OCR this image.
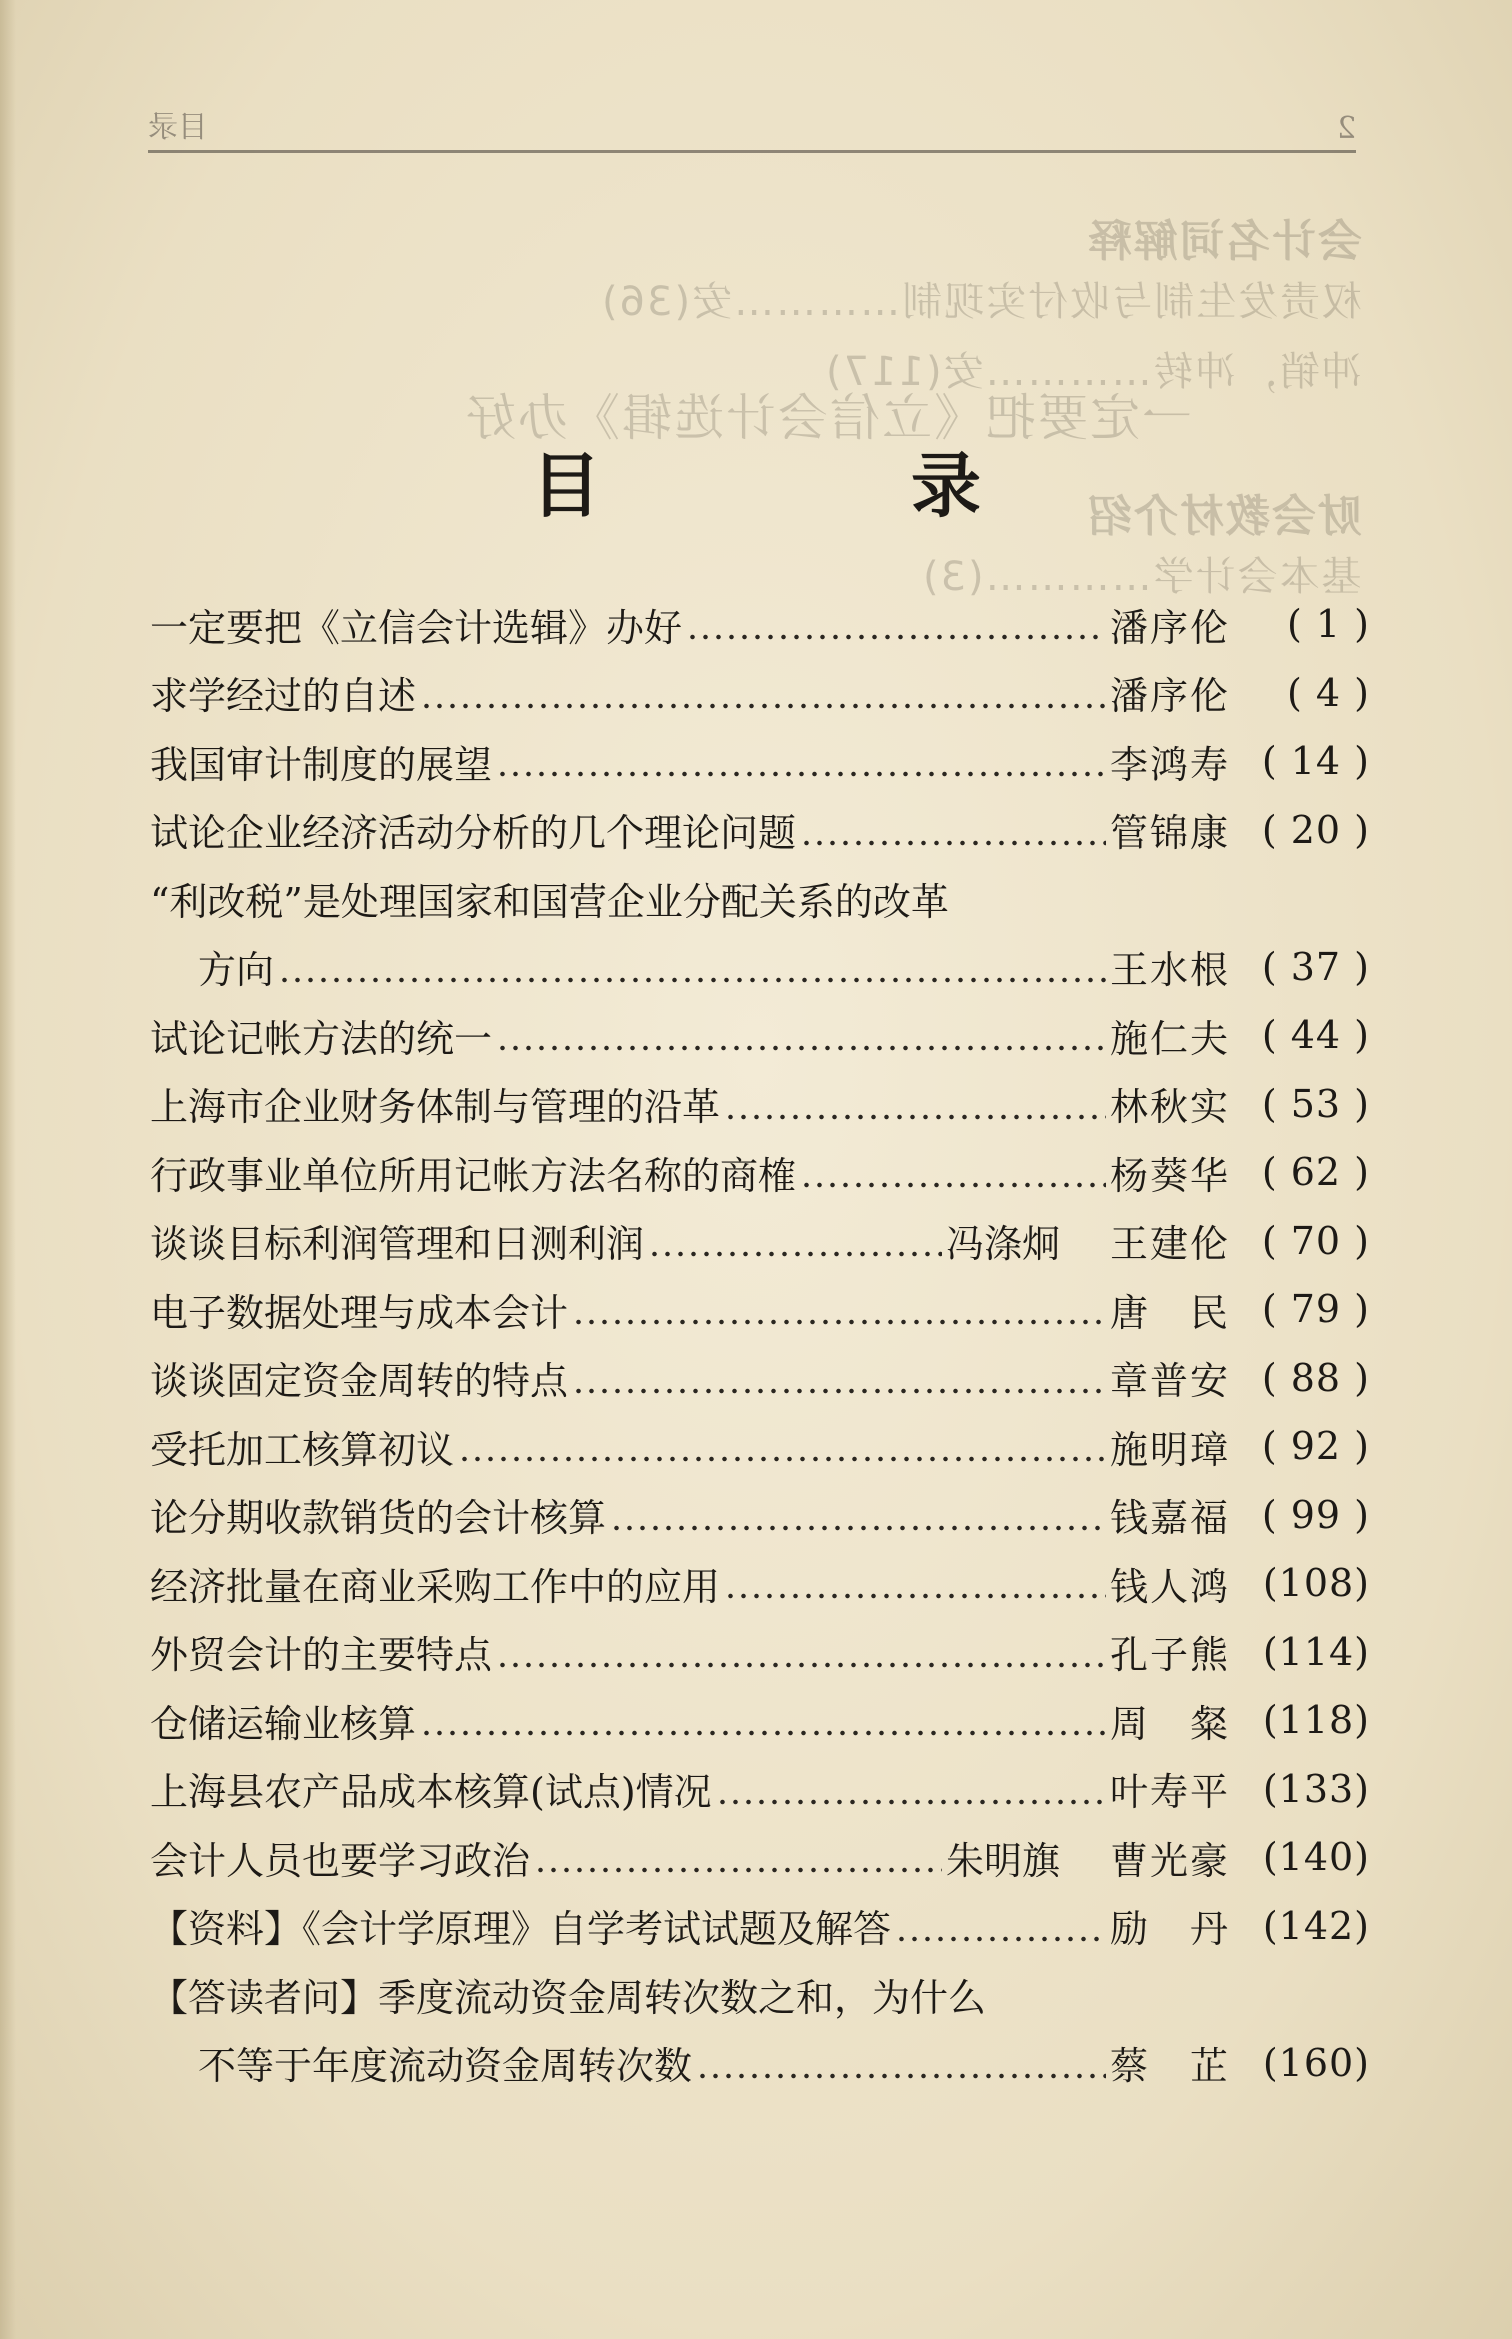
会计名词解释
权责发生制与收付实现制…………安(36)
冲销，冲转…………安(117)
一定要把《立信会计选辑》办好
财会教材介绍
基本会计学…………(3)
目录	2
目　录
一定要把《立信会计选辑》办好	潘序伦	( 1 )
求学经过的自述	潘序伦	( 4 )
我国审计制度的展望	李鸿寿 ( 14 )
试论企业经济活动分析的几个理论问题	管锦康 ( 20 )
“利改税”是处理国家和国营企业分配关系的改革
方向	王水根 ( 37 )
试论记帐方法的统一	施仁夫 ( 44 )
上海市企业财务体制与管理的沿革	林秋实 ( 53 )
行政事业单位所用记帐方法名称的商榷	杨葵华 ( 62 )
谈谈目标利润管理和日测利润	冯涤炯	王建伦 ( 70 )
电子数据处理与成本会计	唐　民 ( 79 )
谈谈固定资金周转的特点	章普安 ( 88 )
受托加工核算初议	施明璋 ( 92 )
论分期收款销货的会计核算	钱嘉福 ( 99 )
经济批量在商业采购工作中的应用	钱人鸿 (108)
外贸会计的主要特点	孔子熊 (114)
仓储运输业核算	周　粲 (118)
上海县农产品成本核算(试点)情况	叶寿平 (133)
会计人员也要学习政治	朱明旗	曹光豪 (140)
【资料】《会计学原理》自学考试试题及解答	励　丹 (142)
【答读者问】季度流动资金周转次数之和，为什么
不等于年度流动资金周转次数	蔡　芷 (160)
